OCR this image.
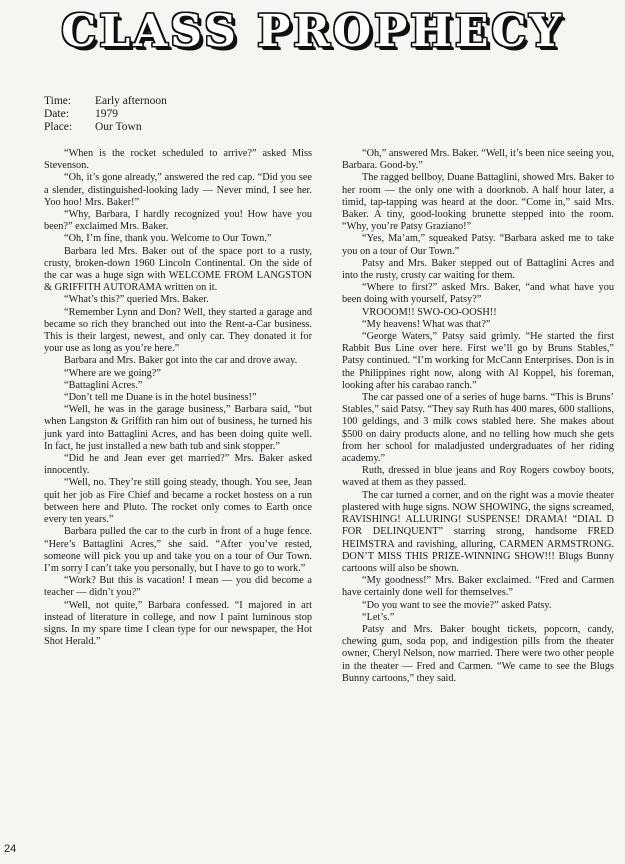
CLASS PROPHECY
Time:	Early afternoon
Date:	1979
Place:	Our Town

“When is the rocket scheduled to arrive?” asked Miss Stevenson.

“Oh, it’s gone already,” answered the red cap. “Did you see a slender, distinguished-looking lady — Never mind, I see her. Yoo hoo! Mrs. Baker!”

“Why, Barbara, I hardly recognized you! How have you been?” exclaimed Mrs. Baker.

“Oh, I’m fine, thank you. Welcome to Our Town.”

Barbara led Mrs. Baker out of the space port to a rusty, crusty, broken-down 1960 Lincoln Continental. On the side of the car was a huge sign with WELCOME FROM LANGSTON & GRIFFITH AUTORAMA written on it.

“What’s this?” queried Mrs. Baker.

“Remember Lynn and Don? Well, they started a garage and became so rich they branched out into the Rent-a-Car business. This is their largest, newest, and only car. They donated it for your use as long as you’re here.”

Barbara and Mrs. Baker got into the car and drove away.

“Where are we going?”

“Battaglini Acres.”

“Don’t tell me Duane is in the hotel business!”

“Well, he was in the garage business,” Barbara said, “but when Langston & Griffith ran him out of business, he turned his junk yard into Battaglini Acres, and has been doing quite well. In fact, he just installed a new bath tub and sink stopper.”

“Did he and Jean ever get married?” Mrs. Baker asked innocently.

“Well, no. They’re still going steady, though. You see, Jean quit her job as Fire Chief and became a rocket hostess on a run between here and Pluto. The rocket only comes to Earth once every ten years.”

Barbara pulled the car to the curb in front of a huge fence. “Here’s Battaglini Acres,” she said. “After you’ve rested, someone will pick you up and take you on a tour of Our Town. I’m sorry I can’t take you personally, but I have to go to work.”

“Work? But this is vacation! I mean — you did become a teacher — didn’t you?”

“Well, not quite,” Barbara confessed. “I majored in art instead of literature in college, and now I paint luminous stop signs. In my spare time I clean type for our newspaper, the Hot Shot Herald.”

“Oh,” answered Mrs. Baker. “Well, it’s been nice seeing you, Barbara. Good-by.”

The ragged bellboy, Duane Battaglini, showed Mrs. Baker to her room — the only one with a doorknob. A half hour later, a timid, tap-tapping was heard at the door. “Come in,” said Mrs. Baker. A tiny, good-looking brunette stepped into the room. “Why, you’re Patsy Graziano!”

“Yes, Ma’am,” squeaked Patsy. “Barbara asked me to take you on a tour of Our Town.”

Patsy and Mrs. Baker stepped out of Battaglini Acres and into the rusty, crusty car waiting for them.

“Where to first?” asked Mrs. Baker, “and what have you been doing with yourself, Patsy?”

VROOOM!! SWO-OO-OOSH!!

“My heavens! What was that?”

“George Waters,” Patsy said grimly. “He started the first Rabbit Bus Line over here. First we’ll go by Bruns Stables,” Patsy continued. “I’m working for McCann Enterprises. Don is in the Philippines right now, along with Al Koppel, his foreman, looking after his carabao ranch.”

The car passed one of a series of huge barns. “This is Bruns’ Stables,” said Patsy. “They say Ruth has 400 mares, 600 stallions, 100 geldings, and 3 milk cows stabled here. She makes about $500 on dairy products alone, and no telling how much she gets from her school for maladjusted undergraduates of her riding academy.”

Ruth, dressed in blue jeans and Roy Rogers cowboy boots, waved at them as they passed.

The car turned a corner, and on the right was a movie theater plastered with huge signs. NOW SHOWING, the signs screamed, RAVISHING! ALLURING! SUSPENSE! DRAMA! “DIAL D FOR DELINQUENT” starring strong, handsome FRED HEIMSTRA and ravishing, alluring, CARMEN ARMSTRONG. DON’T MISS THIS PRIZE-WINNING SHOW!!! Blugs Bunny cartoons will also be shown.

“My goodness!” Mrs. Baker exclaimed. “Fred and Carmen have certainly done well for themselves.”

“Do you want to see the movie?” asked Patsy.

“Let’s.”

Patsy and Mrs. Baker bought tickets, popcorn, candy, chewing gum, soda pop, and indigestion pills from the theater owner, Cheryl Nelson, now married. There were two other people in the theater — Fred and Carmen. “We came to see the Blugs Bunny cartoons,” they said.

24
